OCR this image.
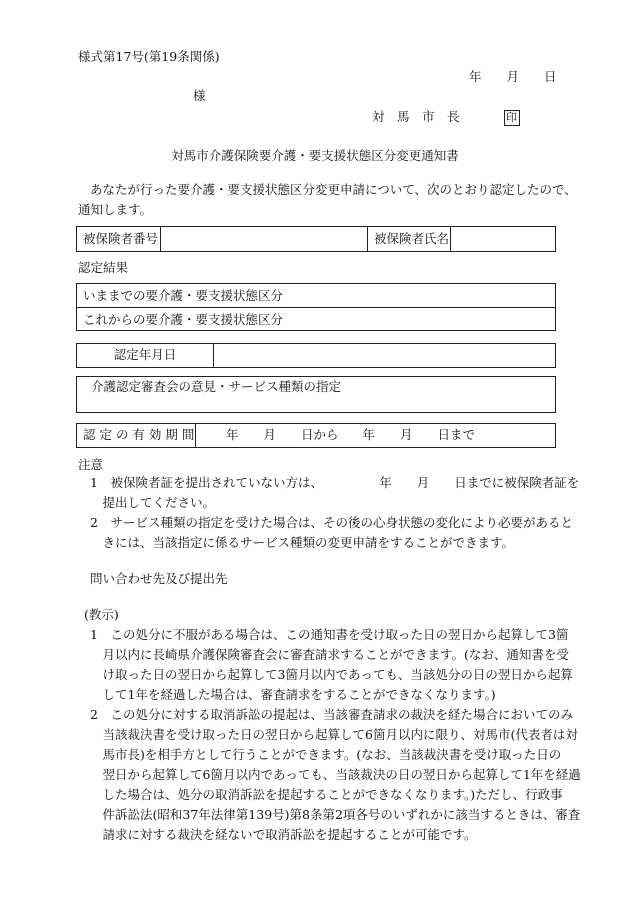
様式第17号(第19条関係)
年　　月　　日
様
対　馬　市　長	印
対馬市介護保険要介護・要支援状態区分変更通知書
あなたが行った要介護・要支援状態区分変更申請について、次のとおり認定したので、
通知します。
被保険者番号	被保険者氏名
認定結果
いままでの要介護・要支援状態区分
これからの要介護・要支援状態区分
認定年月日
介護認定審査会の意見・サービス種類の指定
認 定 の 有 効 期 間	年　　月　　日から 年　　月　　日まで
注意
1　被保険者証を提出されていない方は、　　　　　年　　月　　日までに被保険者証を
　提出してください。
2　サービス種類の指定を受けた場合は、その後の心身状態の変化により必要があると
　きには、当該指定に係るサービス種類の変更申請をすることができます。
問い合わせ先及び提出先
(教示)
1　この処分に不服がある場合は、この通知書を受け取った日の翌日から起算して3箇
　月以内に長崎県介護保険審査会に審査請求することができます。(なお、通知書を受
　け取った日の翌日から起算して3箇月以内であっても、当該処分の日の翌日から起算
　して1年を経過した場合は、審査請求をすることができなくなります。)
2　この処分に対する取消訴訟の提起は、当該審査請求の裁決を経た場合においてのみ
　当該裁決書を受け取った日の翌日から起算して6箇月以内に限り、対馬市(代表者は対
　馬市長)を相手方として行うことができます。(なお、当該裁決書を受け取った日の
　翌日から起算して6箇月以内であっても、当該裁決の日の翌日から起算して1年を経過
　した場合は、処分の取消訴訟を提起することができなくなります。)ただし、行政事
　件訴訟法(昭和37年法律第139号)第8条第2項各号のいずれかに該当するときは、審査
　請求に対する裁決を経ないで取消訴訟を提起することが可能です。
